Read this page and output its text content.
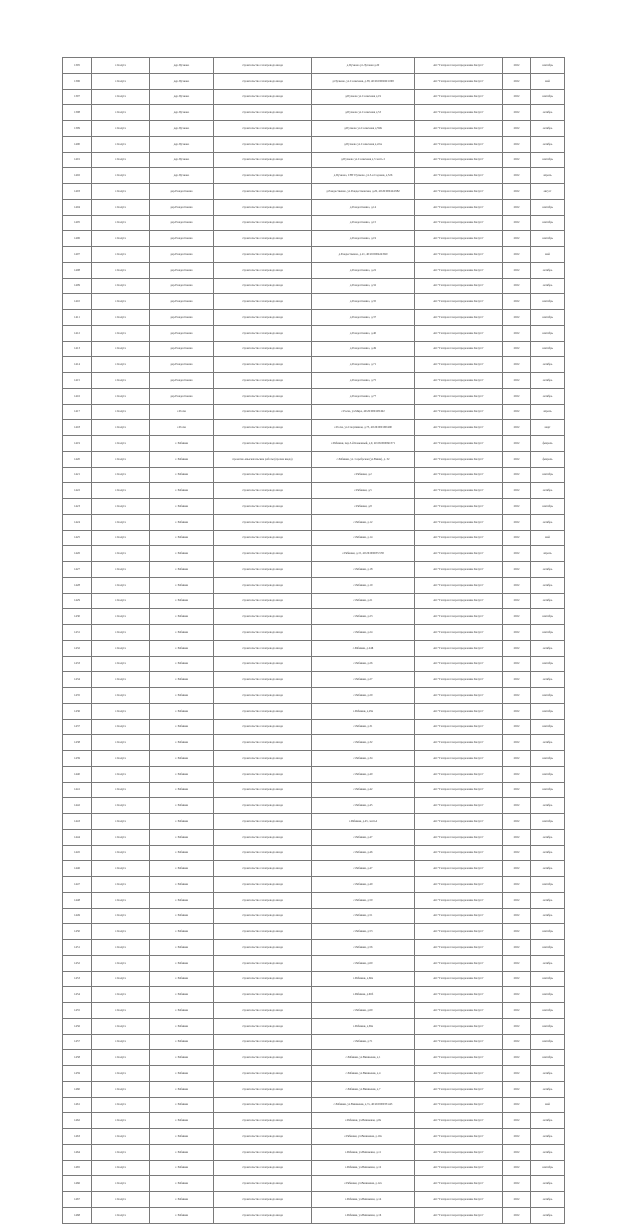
1395	г. Калуга	дер.Пучково	строительство газопровода ввода	д.Пучково ул.Луговая д.20	АО "Газпром газораспределение Калуга"	2022	сентябрь
1396	г. Калуга	дер.Пучково	строительство газопровода ввода	д.Пучково, ул.Солнечная, д.58, 40:26:000266:1068	АО "Газпром газораспределение Калуга"	2022	май
1397	г. Калуга	дер.Пучково	строительство газопровода ввода	д.Пучково ул.Солнечная д.19	АО "Газпром газораспределение Калуга"	2022	сентябрь
1398	г. Калуга	дер.Пучково	строительство газопровода ввода	д.Пучково ул.Солнечная д.53	АО "Газпром газораспределение Калуга"	2022	октябрь
1399	г. Калуга	дер.Пучково	строительство газопровода ввода	д.Пучково ул.Солнечная д.59К	АО "Газпром газораспределение Калуга"	2022	октябрь
1400	г. Калуга	дер.Пучково	строительство газопровода ввода	д.Пучково ул.Солнечная д.22А	АО "Газпром газораспределение Калуга"	2022	октябрь
1401	г. Калуга	дер.Пучково	строительство газопровода ввода	д.Пучково ул.Солнечная д.3 часть 2	АО "Газпром газораспределение Калуга"	2022	сентябрь
1402	г. Калуга	дер.Пучково	строительство газопровода ввода	д.Пучково, СНТ Пучково, ул.3-я Садовая, д.526	АО "Газпром газораспределение Калуга"	2022	апрель
1403	г. Калуга	дер.Рождественно	строительство газопровода ввода	д.Рождественно, ул.Рождественская, д.26, 40:26:000424:982	АО "Газпром газораспределение Калуга"	2022	август
1404	г. Калуга	дер.Рождественно	строительство газопровода ввода	д.Рождественно, д.14	АО "Газпром газораспределение Калуга"	2022	сентябрь
1405	г. Калуга	дер.Рождественно	строительство газопровода ввода	д.Рождественно, д.15	АО "Газпром газораспределение Калуга"	2022	сентябрь
1406	г. Калуга	дер.Рождественно	строительство газопровода ввода	д.Рождественно, д.19	АО "Газпром газораспределение Калуга"	2022	сентябрь
1407	г. Калуга	дер.Рождественно	строительство газопровода ввода	д.Рождественно, д.21, 40:26:000424:690	АО "Газпром газораспределение Калуга"	2022	май
1408	г. Калуга	дер.Рождественно	строительство газопровода ввода	д.Рождественно, д.22	АО "Газпром газораспределение Калуга"	2022	октябрь
1409	г. Калуга	дер.Рождественно	строительство газопровода ввода	д.Рождественно, д.32	АО "Газпром газораспределение Калуга"	2022	октябрь
1410	г. Калуга	дер.Рождественно	строительство газопровода ввода	д.Рождественно, д.35	АО "Газпром газораспределение Калуга"	2022	сентябрь
1411	г. Калуга	дер.Рождественно	строительство газопровода ввода	д.Рождественно, д.37	АО "Газпром газораспределение Калуга"	2022	сентябрь
1412	г. Калуга	дер.Рождественно	строительство газопровода ввода	д.Рождественно, д.40	АО "Газпром газораспределение Калуга"	2022	сентябрь
1413	г. Калуга	дер.Рождественно	строительство газопровода ввода	д.Рождественно, д.49	АО "Газпром газораспределение Калуга"	2022	сентябрь
1414	г. Калуга	дер.Рождественно	строительство газопровода ввода	д.Рождественно, д.71	АО "Газпром газораспределение Калуга"	2022	октябрь
1415	г. Калуга	дер.Рождественно	строительство газопровода ввода	д.Рождественно, д.75	АО "Газпром газораспределение Калуга"	2022	октябрь
1416	г. Калуга	дер.Рождественно	строительство газопровода ввода	д.Рождественно, д.77	АО "Газпром газораспределение Калуга"	2022	октябрь
1417	г. Калуга	с.Росва	строительство газопровода ввода	с.Росва, ул.Мира, 40:26:000168:492	АО "Газпром газораспределение Калуга"	2022	апрель
1418	г. Калуга	с.Росва	строительство газопровода ввода	с.Росва, ул.Спортивная, д.75, 40:26:000168:490	АО "Газпром газораспределение Калуга"	2022	март
1419	г. Калуга	с. Рябинки	строительство газопровода ввода	с.Рябинки, пер.3-й Каменный, д.9, 40:26:000066:371	АО "Газпром газораспределение Калуга"	2022	февраль
1420	г. Калуга	с. Рябинки	проектно-изыскательские работы (прочие ввода)	с.Рябинки, ул. Серебрская (ул.Вишн), д. 32	АО "Газпром газораспределение Калуга"	2022	февраль
1421	г. Калуга	с. Рябинки	строительство газопровода ввода	с.Рябинки, д.2	АО "Газпром газораспределение Калуга"	2022	сентябрь
1422	г. Калуга	с. Рябинки	строительство газопровода ввода	с.Рябинки, д.5	АО "Газпром газораспределение Калуга"	2022	октябрь
1423	г. Калуга	с. Рябинки	строительство газопровода ввода	с.Рябинки, д.8	АО "Газпром газораспределение Калуга"	2022	сентябрь
1424	г. Калуга	с. Рябинки	строительство газопровода ввода	с.Рябинки, д.12	АО "Газпром газораспределение Калуга"	2022	октябрь
1425	г. Калуга	с. Рябинки	строительство газопровода ввода	с.Рябинки, д.14	АО "Газпром газораспределение Калуга"	2022	май
1426	г. Калуга	с. Рябинки	строительство газопровода ввода	с.Рябинки, д.15, 40:26:000035:558	АО "Газпром газораспределение Калуга"	2022	апрель
1427	г. Калуга	с. Рябинки	строительство газопровода ввода	с.Рябинки, д.18	АО "Газпром газораспределение Калуга"	2022	октябрь
1428	г. Калуга	с. Рябинки	строительство газопровода ввода	с.Рябинки, д.19	АО "Газпром газораспределение Калуга"	2022	октябрь
1429	г. Калуга	с. Рябинки	строительство газопровода ввода	с.Рябинки, д.21	АО "Газпром газораспределение Калуга"	2022	октябрь
1430	г. Калуга	с. Рябинки	строительство газопровода ввода	с.Рябинки, д.23	АО "Газпром газораспределение Калуга"	2022	сентябрь
1431	г. Калуга	с. Рябинки	строительство газопровода ввода	с.Рябинки, д.24	АО "Газпром газораспределение Калуга"	2022	сентябрь
1432	г. Калуга	с. Рябинки	строительство газопровода ввода	с.Рябинки, д.24Б	АО "Газпром газораспределение Калуга"	2022	октябрь
1433	г. Калуга	с. Рябинки	строительство газопровода ввода	с.Рябинки, д.26	АО "Газпром газораспределение Калуга"	2022	сентябрь
1434	г. Калуга	с. Рябинки	строительство газопровода ввода	с.Рябинки, д.27	АО "Газпром газораспределение Калуга"	2022	октябрь
1435	г. Калуга	с. Рябинки	строительство газопровода ввода	с.Рябинки, д.29	АО "Газпром газораспределение Калуга"	2022	сентябрь
1436	г. Калуга	с. Рябинки	строительство газопровода ввода	с.Рябинки, д.29а	АО "Газпром газораспределение Калуга"	2022	сентябрь
1437	г. Калуга	с. Рябинки	строительство газопровода ввода	с.Рябинки, д.31	АО "Газпром газораспределение Калуга"	2022	сентябрь
1438	г. Калуга	с. Рябинки	строительство газопровода ввода	с.Рябинки, д.32	АО "Газпром газораспределение Калуга"	2022	октябрь
1439	г. Калуга	с. Рябинки	строительство газопровода ввода	с.Рябинки, д.34	АО "Газпром газораспределение Калуга"	2022	сентябрь
1440	г. Калуга	с. Рябинки	строительство газопровода ввода	с.Рябинки, д.40	АО "Газпром газораспределение Калуга"	2022	сентябрь
1441	г. Калуга	с. Рябинки	строительство газопровода ввода	с.Рябинки, д.42	АО "Газпром газораспределение Калуга"	2022	сентябрь
1442	г. Калуга	с. Рябинки	строительство газопровода ввода	с.Рябинки, д.45	АО "Газпром газораспределение Калуга"	2022	октябрь
1443	г. Калуга	с. Рябинки	строительство газопровода ввода	с.Рябинки, д.45, часть2	АО "Газпром газораспределение Калуга"	2022	сентябрь
1444	г. Калуга	с. Рябинки	строительство газопровода ввода	с.Рябинки, д.47	АО "Газпром газораспределение Калуга"	2022	октябрь
1445	г. Калуга	с. Рябинки	строительство газопровода ввода	с.Рябинки, д.46	АО "Газпром газораспределение Калуга"	2022	октябрь
1446	г. Калуга	с. Рябинки	строительство газопровода ввода	с.Рябинки, д.47	АО "Газпром газораспределение Калуга"	2022	октябрь
1447	г. Калуга	с. Рябинки	строительство газопровода ввода	с.Рябинки, д.49	АО "Газпром газораспределение Калуга"	2022	сентябрь
1448	г. Калуга	с. Рябинки	строительство газопровода ввода	с.Рябинки, д.50	АО "Газпром газораспределение Калуга"	2022	октябрь
1449	г. Калуга	с. Рябинки	строительство газопровода ввода	с.Рябинки, д.51	АО "Газпром газораспределение Калуга"	2022	октябрь
1450	г. Калуга	с. Рябинки	строительство газопровода ввода	с.Рябинки, д.53	АО "Газпром газораспределение Калуга"	2022	сентябрь
1451	г. Калуга	с. Рябинки	строительство газопровода ввода	с.Рябинки, д.56	АО "Газпром газораспределение Калуга"	2022	сентябрь
1452	г. Калуга	с. Рябинки	строительство газопровода ввода	с.Рябинки, д.60	АО "Газпром газораспределение Калуга"	2022	октябрь
1453	г. Калуга	с. Рябинки	строительство газопровода ввода	с.Рябинки, д.66а	АО "Газпром газораспределение Калуга"	2022	сентябрь
1454	г. Калуга	с. Рябинки	строительство газопровода ввода	с.Рябинки, д.66б	АО "Газпром газораспределение Калуга"	2022	сентябрь
1455	г. Калуга	с. Рябинки	строительство газопровода ввода	с.Рябинки, д.69	АО "Газпром газораспределение Калуга"	2022	сентябрь
1456	г. Калуга	с. Рябинки	строительство газопровода ввода	с.Рябинки, д.69а	АО "Газпром газораспределение Калуга"	2022	сентябрь
1457	г. Калуга	с. Рябинки	строительство газопровода ввода	с.Рябинки, д.71	АО "Газпром газораспределение Калуга"	2022	сентябрь
1458	г. Калуга	с. Рябинки	строительство газопровода ввода	с.Рябинки, ул.Вишневая, д.1	АО "Газпром газораспределение Калуга"	2022	сентябрь
1459	г. Калуга	с. Рябинки	строительство газопровода ввода	с.Рябинки, ул.Вишневая, д.4	АО "Газпром газораспределение Калуга"	2022	октябрь
1460	г. Калуга	с. Рябинки	строительство газопровода ввода	с.Рябинки, ул.Вишневая, д.7	АО "Газпром газораспределение Калуга"	2022	октябрь
1461	г. Калуга	с. Рябинки	строительство газопровода ввода	с.Рябинки, ул.Вишневая, д.7а, 40:26:000035:443	АО "Газпром газораспределение Калуга"	2022	май
1462	г. Калуга	с. Рябинки	строительство газопровода ввода	с.Рябинки, ул.Вишневая, д.8а	АО "Газпром газораспределение Калуга"	2022	октябрь
1463	г. Калуга	с. Рябинки	строительство газопровода ввода	с.Рябинки, ул.Вишневая, д.10а	АО "Газпром газораспределение Калуга"	2022	октябрь
1464	г. Калуга	с. Рябинки	строительство газопровода ввода	с.Рябинки, ул.Вишневая, д.11	АО "Газпром газораспределение Калуга"	2022	октябрь
1465	г. Калуга	с. Рябинки	строительство газопровода ввода	с.Рябинки, ул.Вишневая, д.12	АО "Газпром газораспределение Калуга"	2022	сентябрь
1466	г. Калуга	с. Рябинки	строительство газопровода ввода	с.Рябинки, ул.Вишневая, д.12а	АО "Газпром газораспределение Калуга"	2022	октябрь
1467	г. Калуга	с. Рябинки	строительство газопровода ввода	с.Рябинки, ул.Вишневая, д.14	АО "Газпром газораспределение Калуга"	2022	октябрь
1468	г. Калуга	с. Рябинки	строительство газопровода ввода	с.Рябинки, ул.Вишневая, д.16	АО "Газпром газораспределение Калуга"	2022	октябрь
